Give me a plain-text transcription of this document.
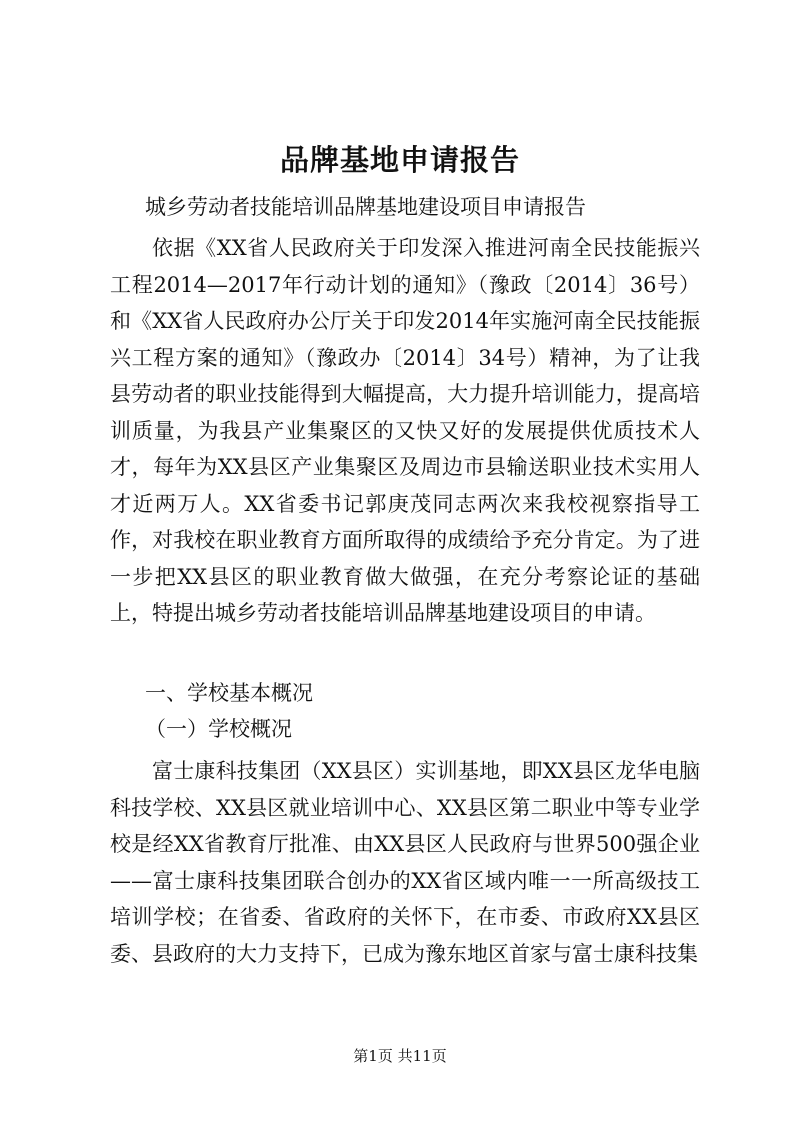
品牌基地申请报告

城乡劳动者技能培训品牌基地建设项目申请报告

依据《XX省人民政府关于印发深入推进河南全民技能振兴工程2014—2017年行动计划的通知》（豫政〔2014〕36号）和《XX省人民政府办公厅关于印发2014年实施河南全民技能振兴工程方案的通知》（豫政办〔2014〕34号）精神，为了让我县劳动者的职业技能得到大幅提高，大力提升培训能力，提高培训质量，为我县产业集聚区的又快又好的发展提供优质技术人才，每年为XX县区产业集聚区及周边市县输送职业技术实用人才近两万人。XX省委书记郭庚茂同志两次来我校视察指导工作，对我校在职业教育方面所取得的成绩给予充分肯定。为了进一步把XX县区的职业教育做大做强，在充分考察论证的基础上，特提出城乡劳动者技能培训品牌基地建设项目的申请。

一、学校基本概况

（一）学校概况

富士康科技集团（XX县区）实训基地，即XX县区龙华电脑科技学校、XX县区就业培训中心、XX县区第二职业中等专业学校是经XX省教育厅批准、由XX县区人民政府与世界500强企业——富士康科技集团联合创办的XX省区域内唯一一所高级技工培训学校；在省委、省政府的关怀下，在市委、市政府XX县区委、县政府的大力支持下，已成为豫东地区首家与富士康科技集

第1页 共11页
